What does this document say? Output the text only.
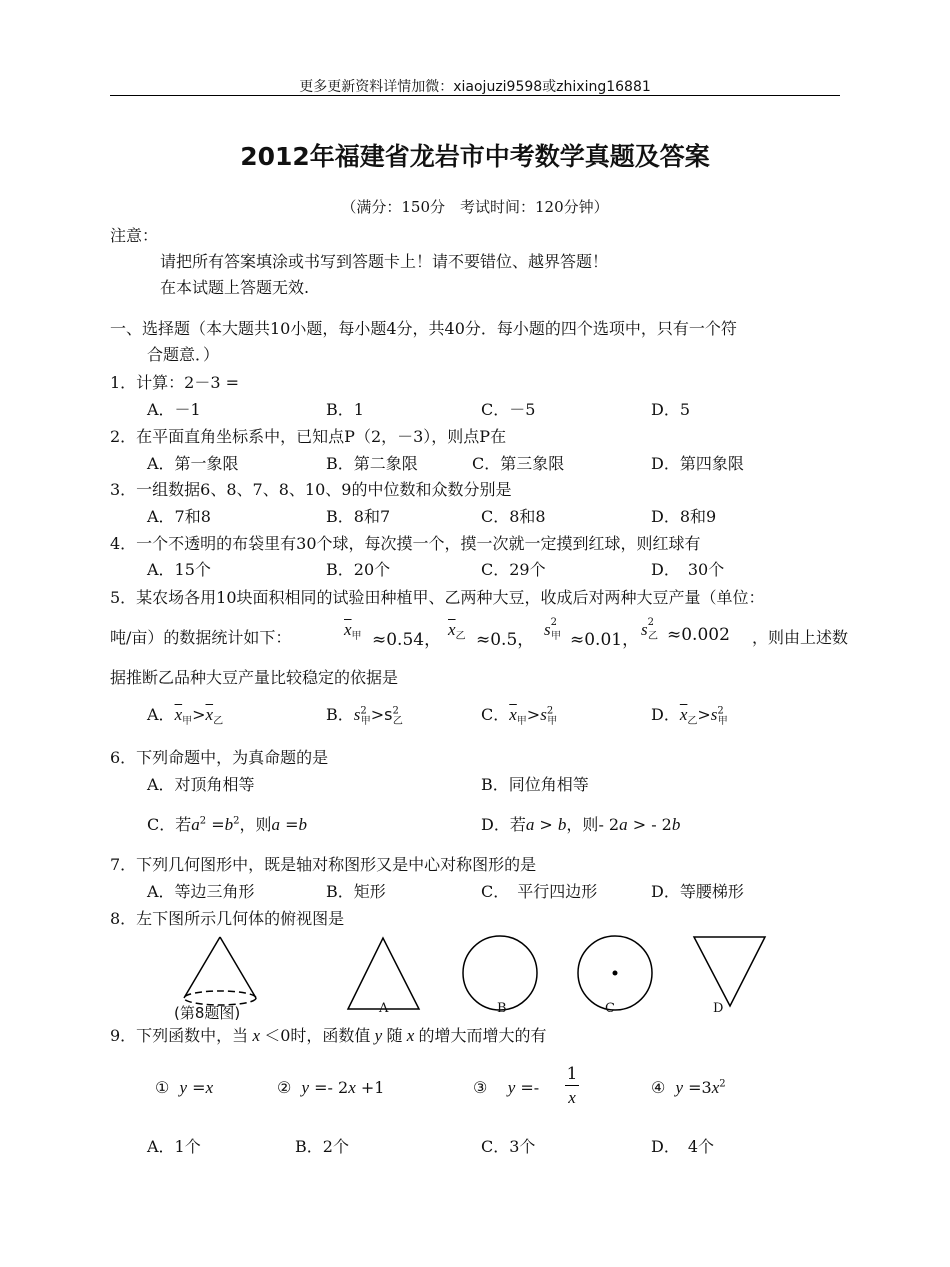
更多更新资料详情加微：xiaojuzi9598或zhixing16881
2012年福建省龙岩市中考数学真题及答案
（满分：150分　考试时间：120分钟）
注意：
请把所有答案填涂或书写到答题卡上！请不要错位、越界答题！
在本试题上答题无效.
一、选择题（本大题共10小题，每小题4分，共40分．每小题的四个选项中，只有一个符
合题意．）
1．计算：2－3 =
A．－1	B．1	C．－5	D．5
2．在平面直角坐标系中，已知点P（2，－3），则点P在
A．第一象限	B．第二象限	C．第三象限	D．第四象限
3．一组数据6、8、7、8、10、9的中位数和众数分别是
A．7和8	B．8和7	C．8和8	D．8和9
4．一个不透明的布袋里有30个球，每次摸一个，摸一次就一定摸到红球，则红球有
A．15个	B．20个	C．29个	D．　30个
5．某农场各用10块面积相同的试验田种植甲、乙两种大豆，收成后对两种大豆产量（单位：
吨/亩）的数据统计如下：	$\overline{x}_甲 \approx 0.54$，
$\overline{x}_乙 \approx 0.5$，
$s^2_甲 \approx 0.01$，
$s^2_乙 \approx 0.002$ ，则由上述数
据推断乙品种大豆产量比较稳定的依据是
A．$\overline{x}_甲>\overline{x}_乙$	B．$s^2_甲>s^2_乙$	C．$\overline{x}_甲>s^2_甲$	D．$\overline{x}_乙>s^2_甲$
6．下列命题中，为真命题的是
A．对顶角相等	B．同位角相等
C．若$a^2 =b^2$，则a =b	D．若a > b，则- 2a > - 2b
7．下列几何图形中，既是轴对称图形又是中心对称图形的是
A．等边三角形	B．矩形	C．　平行四边形	D．等腰梯形
8．左下图所示几何体的俯视图是
(第8题图)	A	B	C	D
9．下列函数中，当 x ＜0时，函数值 y 随 x 的增大而增大的有
① y =x	② y =- 2x +1	③ y =-
1
x
④ $y =3x^2$
A．1个	B．2个	C．3个	D．　4个
